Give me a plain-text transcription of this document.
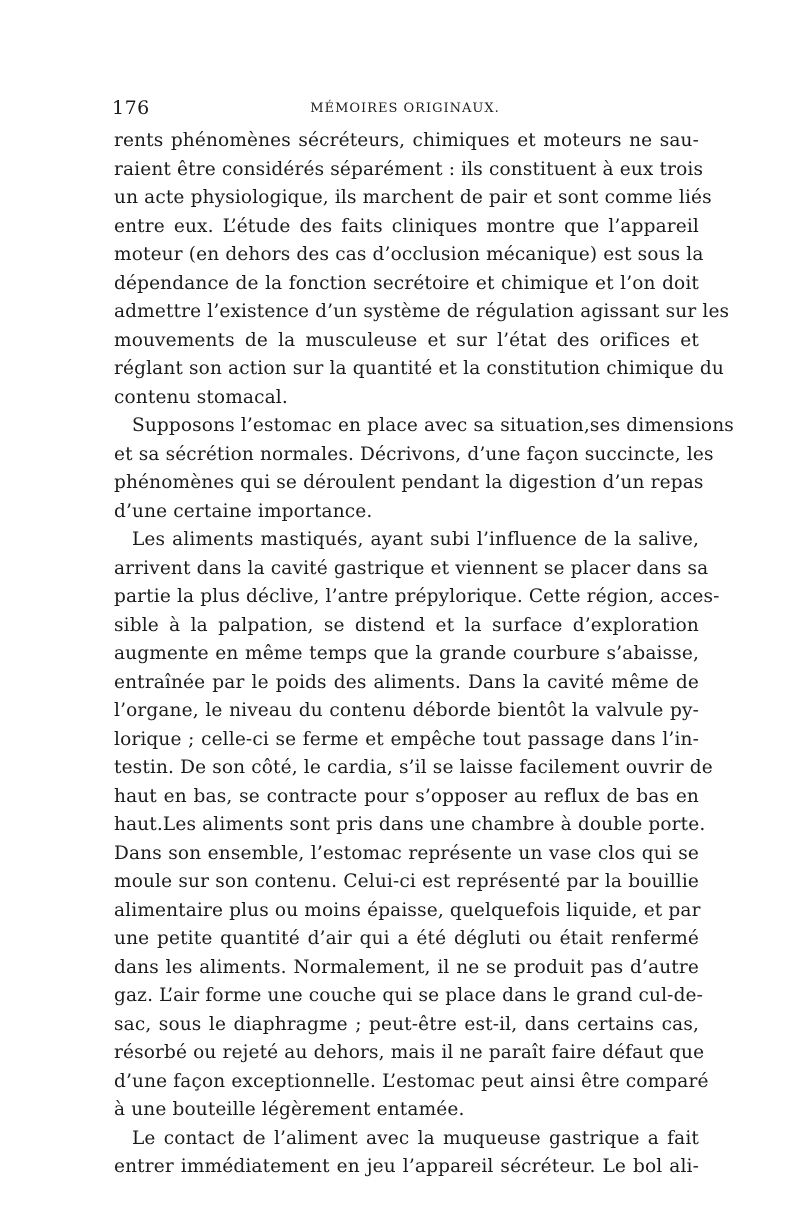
176	MÉMOIRES ORIGINAUX.
rents phénomènes sécréteurs, chimiques et moteurs ne sau-
raient être considérés séparément : ils constituent à eux trois
un acte physiologique, ils marchent de pair et sont comme liés
entre eux. L’étude des faits cliniques montre que l’appareil
moteur (en dehors des cas d’occlusion mécanique) est sous la
dépendance de la fonction secrétoire et chimique et l’on doit
admettre l’existence d’un système de régulation agissant sur les
mouvements de la musculeuse et sur l’état des orifices et
réglant son action sur la quantité et la constitution chimique du
contenu stomacal.
Supposons l’estomac en place avec sa situation,ses dimensions
et sa sécrétion normales. Décrivons, d’une façon succincte, les
phénomènes qui se déroulent pendant la digestion d’un repas
d’une certaine importance.
Les aliments mastiqués, ayant subi l’influence de la salive,
arrivent dans la cavité gastrique et viennent se placer dans sa
partie la plus déclive, l’antre prépylorique. Cette région, acces-
sible à la palpation, se distend et la surface d’exploration
augmente en même temps que la grande courbure s’abaisse,
entraînée par le poids des aliments. Dans la cavité même de
l’organe, le niveau du contenu déborde bientôt la valvule py-
lorique ; celle-ci se ferme et empêche tout passage dans l’in-
testin. De son côté, le cardia, s’il se laisse facilement ouvrir de
haut en bas, se contracte pour s’opposer au reflux de bas en
haut.Les aliments sont pris dans une chambre à double porte.
Dans son ensemble, l’estomac représente un vase clos qui se
moule sur son contenu. Celui-ci est représenté par la bouillie
alimentaire plus ou moins épaisse, quelquefois liquide, et par
une petite quantité d’air qui a été dégluti ou était renfermé
dans les aliments. Normalement, il ne se produit pas d’autre
gaz. L’air forme une couche qui se place dans le grand cul-de-
sac, sous le diaphragme ; peut-être est-il, dans certains cas,
résorbé ou rejeté au dehors, mais il ne paraît faire défaut que
d’une façon exceptionnelle. L’estomac peut ainsi être comparé
à une bouteille légèrement entamée.
Le contact de l’aliment avec la muqueuse gastrique a fait
entrer immédiatement en jeu l’appareil sécréteur. Le bol ali-
